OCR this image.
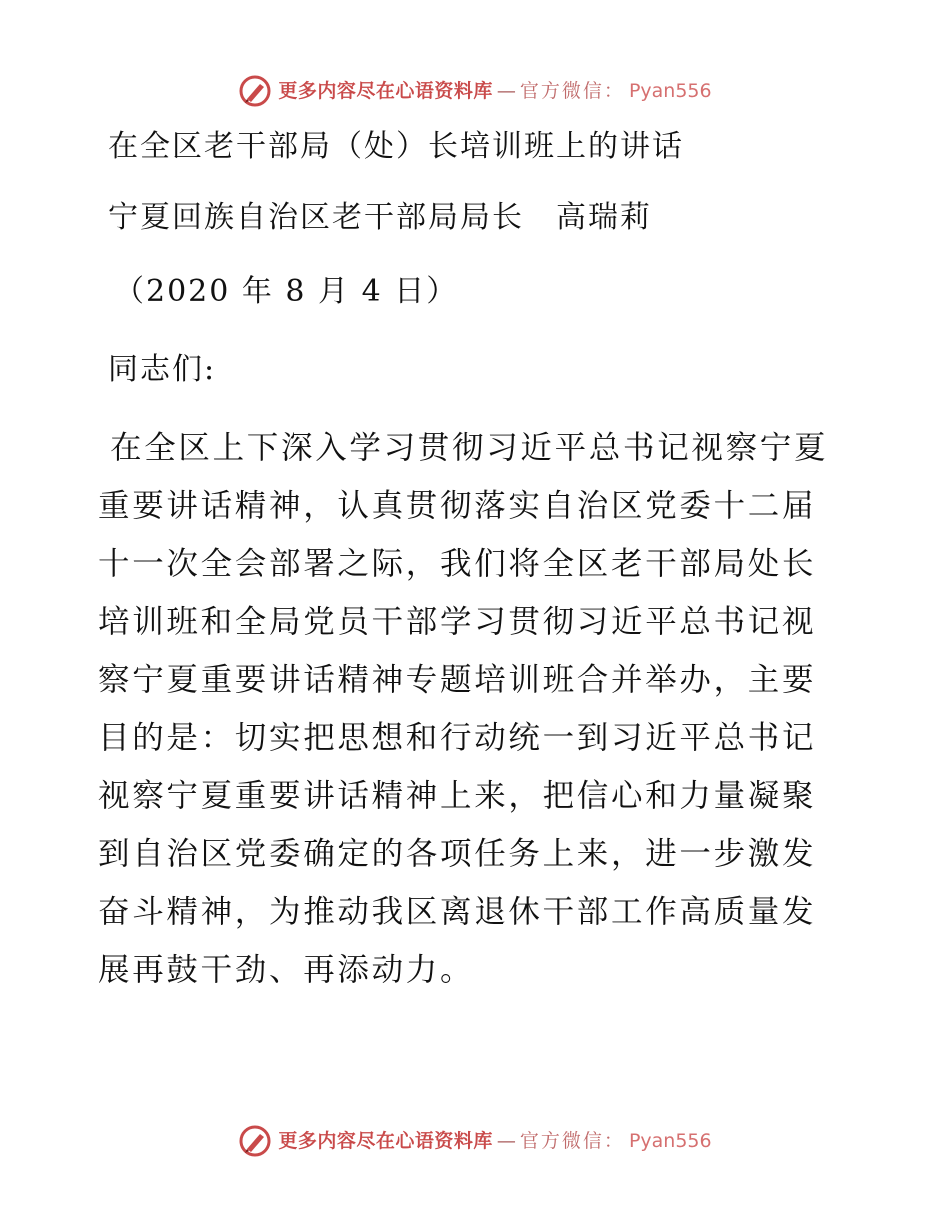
更多内容尽在心语资料库 — 官方微信： Pyan556
在全区老干部局（处）长培训班上的讲话
宁夏回族自治区老干部局局长　高瑞莉
（2020 年 8 月 4 日）
同志们:
在全区上下深入学习贯彻习近平总书记视察宁夏重要讲话精神，认真贯彻落实自治区党委十二届十一次全会部署之际，我们将全区老干部局处长培训班和全局党员干部学习贯彻习近平总书记视察宁夏重要讲话精神专题培训班合并举办，主要目的是：切实把思想和行动统一到习近平总书记视察宁夏重要讲话精神上来，把信心和力量凝聚到自治区党委确定的各项任务上来，进一步激发奋斗精神，为推动我区离退休干部工作高质量发展再鼓干劲、再添动力。
更多内容尽在心语资料库 — 官方微信： Pyan556
